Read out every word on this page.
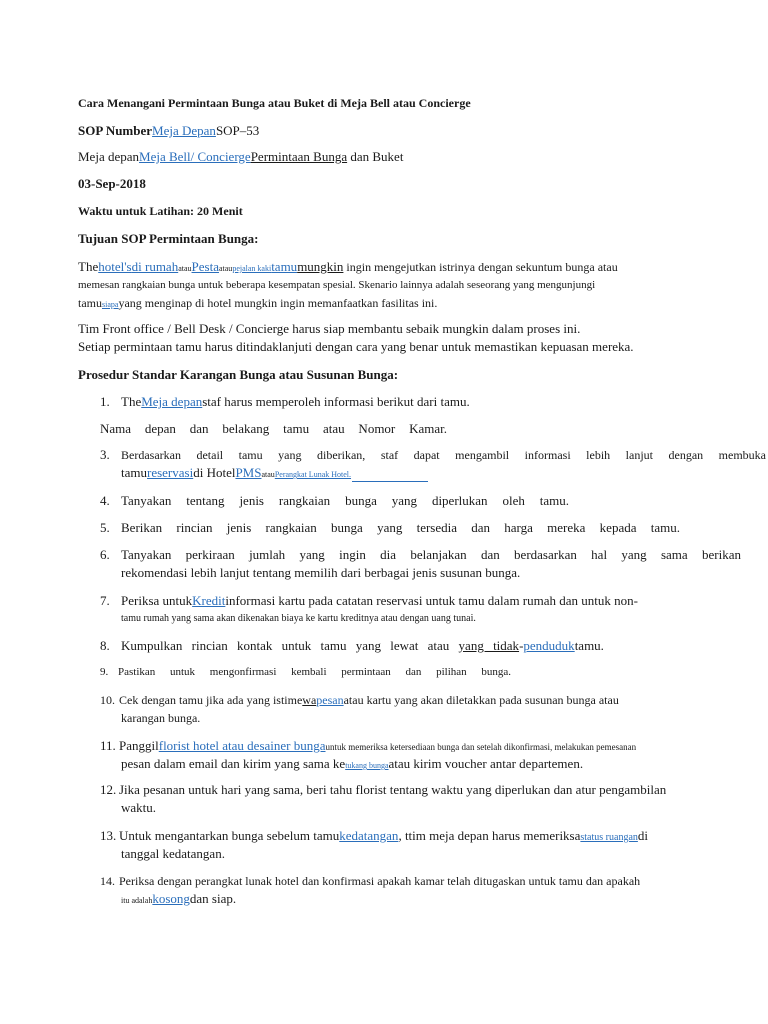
Cara Menangani Permintaan Bunga atau Buket di Meja Bell atau Concierge
SOP NumberMeja DepanSOP–53
Meja depanMeja Bell/ ConciergePermintaan Bunga dan Buket
03-Sep-2018
Waktu untuk Latihan: 20 Menit
Tujuan SOP Permintaan Bunga:
Thehotel'sdi rumahatauPestaataupejalan kakitamumungkin ingin mengejutkan istrinya dengan sekuntum bunga atau
memesan rangkaian bunga untuk beberapa kesempatan spesial. Skenario lainnya adalah seseorang yang mengunjungi
tamusiapayang menginap di hotel mungkin ingin memanfaatkan fasilitas ini.
Tim Front office / Bell Desk / Concierge harus siap membantu sebaik mungkin dalam proses ini.
Setiap permintaan tamu harus ditindaklanjuti dengan cara yang benar untuk memastikan kepuasan mereka.
Prosedur Standar Karangan Bunga atau Susunan Bunga:
1. TheMeja depanstaf harus memperoleh informasi berikut dari tamu.
Nama depan dan belakang tamu atau Nomor Kamar.
3. Berdasarkan detail tamu yang diberikan, staf dapat mengambil informasi lebih lanjut dengan membuka
tamureservasidi HotelPMSatauPerangkat Lunak Hotel.
4. Tanyakan tentang jenis rangkaian bunga yang diperlukan oleh tamu.
5. Berikan rincian jenis rangkaian bunga yang tersedia dan harga mereka kepada tamu.
6. Tanyakan perkiraan jumlah yang ingin dia belanjakan dan berdasarkan hal yang sama berikan
rekomendasi lebih lanjut tentang memilih dari berbagai jenis susunan bunga.
7. Periksa untukKreditinformasi kartu pada catatan reservasi untuk tamu dalam rumah dan untuk non-
tamu rumah yang sama akan dikenakan biaya ke kartu kreditnya atau dengan uang tunai.
8. Kumpulkan rincian kontak untuk tamu yang lewat atau yang tidak-penduduktamu.
9. Pastikan untuk mengonfirmasi kembali permintaan dan pilihan bunga.
10. Cek dengan tamu jika ada yang istimewapesanatau kartu yang akan diletakkan pada susunan bunga atau
karangan bunga.
11. Panggilflorist hotel atau desainer bungauntuk memeriksa ketersediaan bunga dan setelah dikonfirmasi, melakukan pemesanan
pesan dalam email dan kirim yang sama ketukang bungaatau kirim voucher antar departemen.
12. Jika pesanan untuk hari yang sama, beri tahu florist tentang waktu yang diperlukan dan atur pengambilan
waktu.
13. Untuk mengantarkan bunga sebelum tamukedatangan, ttim meja depan harus memeriksastatus ruangandi
tanggal kedatangan.
14. Periksa dengan perangkat lunak hotel dan konfirmasi apakah kamar telah ditugaskan untuk tamu dan apakah
itu adalahkosongdan siap.
